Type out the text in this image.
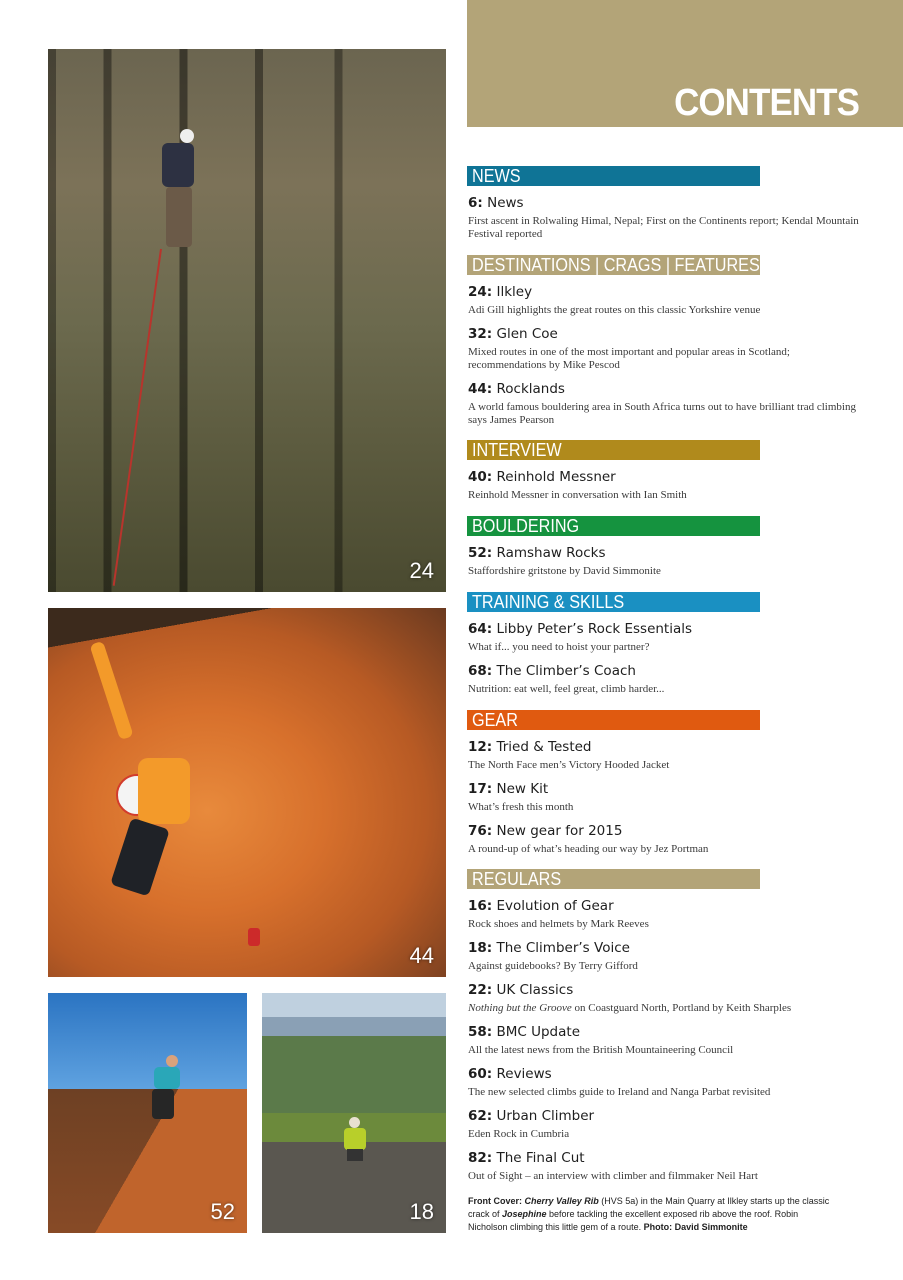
CONTENTS
24
44
52	18
NEWS
6: News
First ascent in Rolwaling Himal, Nepal; First on the Continents report; Kendal Mountain Festival reported
DESTINATIONS | CRAGS | FEATURES
24: Ilkley
Adi Gill highlights the great routes on this classic Yorkshire venue
32: Glen Coe
Mixed routes in one of the most important and popular areas in Scotland; recommendations by Mike Pescod
44: Rocklands
A world famous bouldering area in South Africa turns out to have brilliant trad climbing says James Pearson
INTERVIEW
40: Reinhold Messner
Reinhold Messner in conversation with Ian Smith
BOULDERING
52: Ramshaw Rocks
Staffordshire gritstone by David Simmonite
TRAINING & SKILLS
64: Libby Peter’s Rock Essentials
What if... you need to hoist your partner?
68: The Climber’s Coach
Nutrition: eat well, feel great, climb harder...
GEAR
12: Tried & Tested
The North Face men’s Victory Hooded Jacket
17: New Kit
What’s fresh this month
76: New gear for 2015
A round-up of what’s heading our way by Jez Portman
REGULARS
16: Evolution of Gear
Rock shoes and helmets by Mark Reeves
18: The Climber’s Voice
Against guidebooks? By Terry Gifford
22: UK Classics
Nothing but the Groove on Coastguard North, Portland by Keith Sharples
58: BMC Update
All the latest news from the British Mountaineering Council
60: Reviews
The new selected climbs guide to Ireland and Nanga Parbat revisited
62: Urban Climber
Eden Rock in Cumbria
82: The Final Cut
Out of Sight – an interview with climber and filmmaker Neil Hart
Front Cover: Cherry Valley Rib (HVS 5a) in the Main Quarry at Ilkley starts up the classic crack of Josephine before tackling the excellent exposed rib above the roof. Robin Nicholson climbing this little gem of a route. Photo: David Simmonite
